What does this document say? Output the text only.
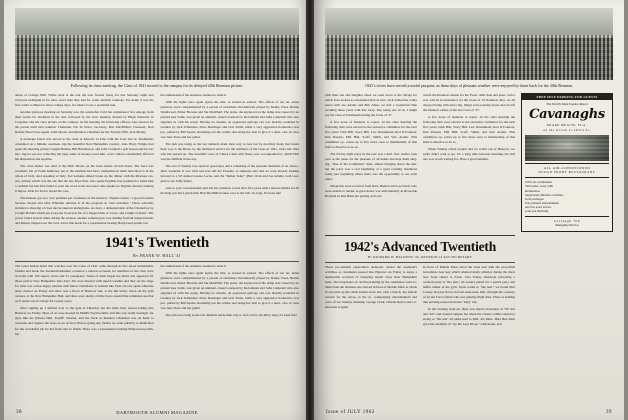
Following its class meeting, the Class of 1941 moved to the campus for its delayed 20th Reunion picture.

dance at College Hall. While back at the tent the beer flowed freely for late Saturday night and everyone indulging in far more exact than they had for some cheerful reunions. For many it was the first return to Hanover since college days; for others it was a perennial trek.

Another glorious morning on Saturday saw the somewhat vivid but unshattered '41s emerge from their rooms for breakfast in the non, followed by the class meeting chaired by Hugh Schwartz in Carpenter and the class picture on the campus. At the meeting the following officers were elected for the period until next reunion: Chairman, Dic de Notre, Secretary, Bob MacMillan; Treasurer, Don Raisin; Head Class Agent, John Moore; and Reunion Chairman for the Twenty-Fifth, Jack Maudy.

A barbeque lunch was served to the class at Kiewit's in Etna with the food and re- freshments consumed on a hillside overlook- ing the beautiful New Hampshire country- side. Harry Wilgus had spent the morning giving Creight Holden, Bill Hutchinson, and John Crandell a golf lesson and he was hav- ing no success collecting the large sums of money owed him, a fact which considerably affected his disposition and appetite.

The class dinner was held at the DOC House on the lawn beside Occom Pond. The food was excellent, but as Frank Mahoney put it, the martinis had more trampoline in them than there is in the whole of Italy. And speaking of Italy, Ted Lemeka almost broke up the dinner with his hilarious sto- ries, among which was the one that the late Pope Pius, who spoke English, had promised to make him a cardinal but had first failed to pass the word to his successor who speaks no English, thereby making it impos- sible for Ted to attend his case.

The Pioneer got on a very polished per- formance of the musical, "Pajama Game," a good favourite because chosen and what Whitcher referred to in the program as "rent activities." Those activities included a showing of class movie taken in undergradu- ate days, a demonstration of the Chatterbox by Creight Holden which put everyone in several fits of a slipped disk or worse, and a night of music. The power failed several times during the session, another seldom goes was running football interpretations and Maudy tripped over the cord. All of this made for a presentation lacking Hollywood polish, but

the enthusiasm of the audience seemed to belie it.

With the lights once again aglow the mix- er started in earnest. The effects of our tal- ented grimaces were complemented by a parade of old-timers involuntarily played by Danny Trees, Bernie Smallwood, Elmer Browne and Stu MacPhail. The piano, the keyboard on the damp side caused by no printed beer baths, was given an unintent- tioned workout by Don Raisin and John Campbell who also supplied us with his songs. Having no dreams, an oppressed garbage can was heartily pounded in rotation by Jack Schleicher, Dave Dearinger and Jack Tuttle, while a very aggressive harmonica was pro- pelled by Bill Squire. Rounding out the combo and doing her best to give it a moti- vate of class was Jane Trees and her guitar.

The jam was rising as the last diehards made their way to bed, but by six-thirty many had found their way to the Brose, by the memorial service for the members of the Class of 1941, 1942 and 1942 who has passed on. The beautiful voice of Chuck Clark with floury solo accompanied by which Hall was the fullfield in the day.

The rest of Sunday was spent in good-byes and a rehashing of the pleasant moments of an all-too-short weekend. It was with real love left the Tuesday, as someone said and we were already looking forward to a '65 named Louise Locke, and the "Indian Tonic" (Bob Clark and Joe Adams, both were glad to see Taffy Kerns.

And so your correspondent puts his im- primatur to bed after five years with a sincere thanks for all the help you have given him. Bob MacMillan takes over to the bell. So long. It's been fun!

1941's Twentieth
By FRANK W. HALL '41

The Great Indian Spirit that watches over the Class of 1941 came through in fine mood indomitable fashion and made the Twentieth Reunion a natural, a natural occasion, for members of the class were on hand with 100 square wives and 52 youngsters. Some of them began the hours and appeared for those perfect New Hampshire June days. We were blessed with superb weather and they set the stage for what was a most happy reunion with fellow classmates. It seemed like 1941 all over again when the skies cleared on Friday and there was a flood of Hanover sun, at the Inn lobby, down on the grill courses, at the New Hampshire Hall, and there were plenty of little faces around that reminded one that we'd better out of college for twenty years.

After signing up I ambled over to the gym at Thursday but the main hour started jolting into Hanover on Friday. Most of us were housed in Middle Fayerweather and this was really nostalgic for guys like me (House Hall, Topliff, Streeter, and the Tuck as Reunion Chairman was on hand to welcome and register the class as we arrived. Before going any further we want publicly to thank Red for the wonderful job he did from start to finish. There was a presentation lacking Hollywood polish, but

the enthusiasm of the audience seemed to belie it.

With the lights once again aglow the mix- er started in earnest. The effects of our tal- ented grimaces were complemented by a parade of old-timers involuntarily played by Danny Trees, Bernie Smallwood, Elmer Browne and Stu MacPhail. The piano, the keyboard on the damp side caused by no printed beer baths, was given an unintent- tioned workout by Don Raisin and John Campbell who also supplied us with his songs. Having no dreams, an oppressed garbage can was heartily pounded in rotation by Jack Schleicher, Dave Dearinger and Jack Tuttle, while a very aggressive harmonica was pro- pelled by Bill Squire. Rounding out the combo and doing her best to give it a moti- vate of class was Jane Trees and her guitar.

The jam was rising as the last diehards made their way to bed, but by six-thirty long, it's been fun!

38	DARTMOUTH ALUMNI MAGAZINE
1941's wives have served a useful purpose, as these days of pleasant weather were enjoyed by those back for the 20th Reunion.

with their son and daughter when we went down to the village for lunch. Ken looked as astonished then as now. Jack Schleicher really noted with Joe Adams and Bob Allen, we had a wonderful time recalling those years with Ray Gray. Ray being one of us. I might say the class of Dartmouth during the Class of '37.

A few notes of business to report. At the class meeting the following men were elected as the executive committee for the next five years: Dick Hill, Stacy Hill, Lew Drummond, Red O'Connors, Dan Preston, Phil Hall, Scoff- Smith, and Stev Aedler. This committee op- erates up to five more soon to membership of that fund to dissolve to do so.

The Friday night party in the tent was a hail. Stev Aedler took over at the piano for the pleasure of all hands and kept them sing- ing. "One of the Committee" then, almost bringing down the tent, but the party was a real beginning of a great evening. Reunions really just beginning where there was the opportunity to see each other.

Telegrams were received from Russ Hanlon and Lee Davis who were unable to attend. A great honor was unfortunately in Riverside Hospital in Red Bank but getting well and

curled the Reunion cannon for his Twen- tieth. Ken and jesus, Jack's son, will be in attendance for the Class of '41 Reunion. Roy, we all enjoyed being with and a big, things were pouring down and we left the bleakest cabins of the late Class of '37.

A few notes of business to report. At the class meeting the following men were elected to the executive committee for the next five years: Dick Hill, Stacy Hill, Lew Drummond, Red O'Connors, Dan Preston, Phil Hall, Scoff- Smith, and Stev Aedler. This committee op- erates up to five more soon to membership of that fund to dissolve to do so.

When Sunday rolled around and we rolled out of Hanover, we sadly didn't want to go. It's a long time between meetings but this one was worth waiting for. Have a good summer.

FREE SELF PARKING FOR GUESTS
The World's Most Popular Resort
Cavanaghs
MIAMI BEACH, FLA.
on the Ocean at 163rd St.
ALL AIR-CONDITIONED
OCEAN FRONT RESTAURANT
100% air-conditioned
350 rooms, every with
kitchenettes
Supervised children's activities
Golf privileges
Free planned entertainment
Au Fun, solar terrace
acres (on theWalk)
Cavanagh 'Sth
Managing Director
1942's Advanced Twentieth
By RICHARD W. BALDWIN '42, REUNION CLASS SECRETARY

Those pre-reunion expectation underesti- mated the weekend's activities as classmates poured into Hanover on Friday to enjoy a memorable occasion of renewing tender close New Hampshire skies. The long hours of careful planning by the committee went ev- ident from the moment one arrived in front of Middle Mass to check in and pick up the relish Indian straw hat, with a match- ing female version for the wives, to the ac- companying entertainment and color of our Sunday morning. George Clark, Charlie Reeve and Co. had done it again.

In front of Middle Mass stood the class tent with the proverbial bottomless beer keg which whetted many whistles during the short beer from sunset to dawn. Late Friday afternoon following a cocktail party at "the tent," all around joined for a punch party and buffet dinner at the gym. Upon return to "the tent," we found Bob Causey had just flown in from Anaconda, Mil., through the courtesy of an Air Force friend who was gaining flight time. There is nothing like arriving soused from the "long" trip.

In the evening went on, there was much circulation of "99 '42s and '42s" and around campus but when the classes combe started to swing at "the tent" all paths lead to Mid- dle Mass. Here Bob Kirk gave his rendition of "Up the Lazy River," with steam, and

Issue of JULY 1962	39
